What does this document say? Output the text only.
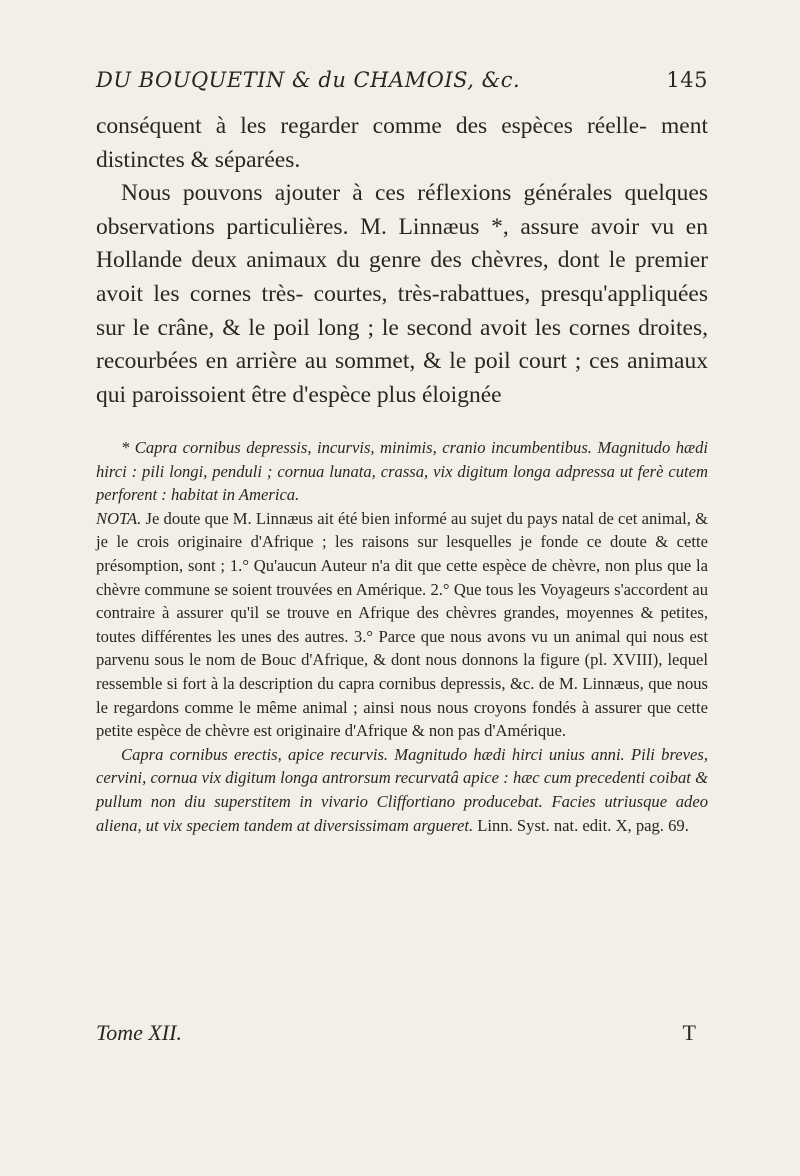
DU BOUQUETIN & du CHAMOIS, &c.	145

conséquent à les regarder comme des espèces réelle- ment distinctes & séparées.

Nous pouvons ajouter à ces réflexions générales quelques observations particulières. M. Linnæus *, assure avoir vu en Hollande deux animaux du genre des chèvres, dont le premier avoit les cornes très- courtes, très-rabattues, presqu'appliquées sur le crâne, & le poil long ; le second avoit les cornes droites, recourbées en arrière au sommet, & le poil court ; ces animaux qui paroissoient être d'espèce plus éloignée

* Capra cornibus depressis, incurvis, minimis, cranio incumbentibus. Magnitudo hædi hirci : pili longi, penduli ; cornua lunata, crassa, vix digitum longa adpressa ut ferè cutem perforent : habitat in America.

NOTA. Je doute que M. Linnæus ait été bien informé au sujet du pays natal de cet animal, & je le crois originaire d'Afrique ; les raisons sur lesquelles je fonde ce doute & cette présomption, sont ; 1.° Qu'aucun Auteur n'a dit que cette espèce de chèvre, non plus que la chèvre commune se soient trouvées en Amérique. 2.° Que tous les Voyageurs s'accordent au contraire à assurer qu'il se trouve en Afrique des chèvres grandes, moyennes & petites, toutes différentes les unes des autres. 3.° Parce que nous avons vu un animal qui nous est parvenu sous le nom de Bouc d'Afrique, & dont nous donnons la figure (pl. XVIII), lequel ressemble si fort à la description du capra cornibus depressis, &c. de M. Linnæus, que nous le regardons comme le même animal ; ainsi nous nous croyons fondés à assurer que cette petite espèce de chèvre est originaire d'Afrique & non pas d'Amérique.

Capra cornibus erectis, apice recurvis. Magnitudo hædi hirci unius anni. Pili breves, cervini, cornua vix digitum longa antrorsum recurvatâ apice : hæc cum precedenti coibat & pullum non diu superstitem in vivario Cliffortiano producebat. Facies utriusque adeo aliena, ut vix speciem tandem at diversissimam argueret. Linn. Syst. nat. edit. X, pag. 69.

Tome XII.	T
